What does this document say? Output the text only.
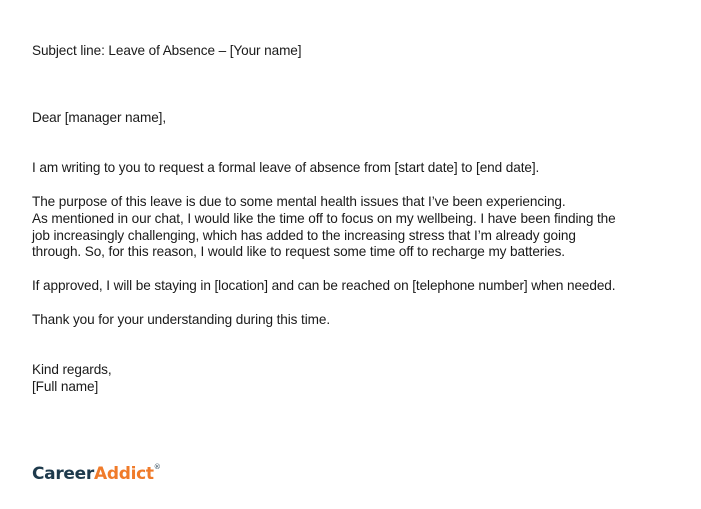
Subject line: Leave of Absence – [Your name]
Dear [manager name],
I am writing to you to request a formal leave of absence from [start date] to [end date].
The purpose of this leave is due to some mental health issues that I’ve been experiencing.
As mentioned in our chat, I would like the time off to focus on my wellbeing. I have been finding the
job increasingly challenging, which has added to the increasing stress that I’m already going
through. So, for this reason, I would like to request some time off to recharge my batteries.
If approved, I will be staying in [location] and can be reached on [telephone number] when needed.
Thank you for your understanding during this time.
Kind regards,
[Full name]
CareerAddict®
